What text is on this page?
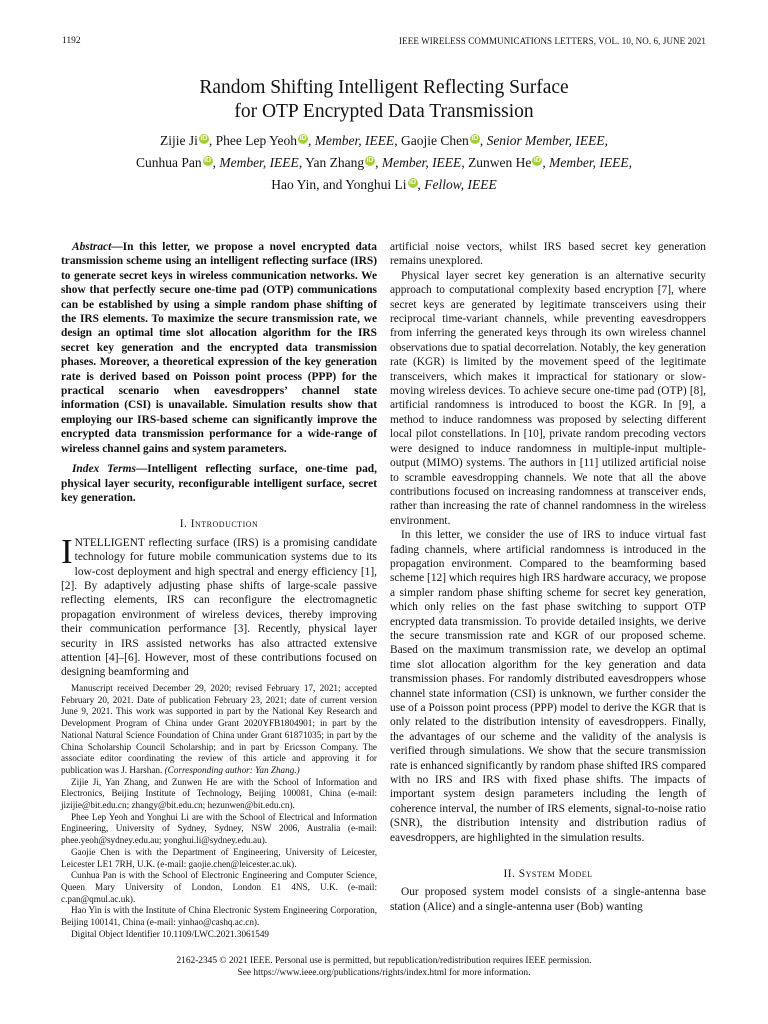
1192	IEEE WIRELESS COMMUNICATIONS LETTERS, VOL. 10, NO. 6, JUNE 2021
Random Shifting Intelligent Reflecting Surface
for OTP Encrypted Data Transmission
Zijie Ji iD , Phee Lep Yeoh iD , Member, IEEE, Gaojie Chen iD , Senior Member, IEEE,
Cunhua Pan iD , Member, IEEE, Yan Zhang iD , Member, IEEE, Zunwen He iD , Member, IEEE,
Hao Yin, and Yonghui Li iD , Fellow, IEEE

Abstract—In this letter, we propose a novel encrypted data transmission scheme using an intelligent reflecting surface (IRS) to generate secret keys in wireless communication networks. We show that perfectly secure one-time pad (OTP) communications can be established by using a simple random phase shifting of the IRS elements. To maximize the secure transmission rate, we design an optimal time slot allocation algorithm for the IRS secret key generation and the encrypted data transmission phases. Moreover, a theoretical expression of the key generation rate is derived based on Poisson point process (PPP) for the practical scenario when eavesdroppers’ channel state information (CSI) is unavailable. Simulation results show that employing our IRS-based scheme can significantly improve the encrypted data transmission performance for a wide-range of wireless channel gains and system parameters.

Index Terms—Intelligent reflecting surface, one-time pad, physical layer security, reconfigurable intelligent surface, secret key generation.

I. Introduction

INTELLIGENT reflecting surface (IRS) is a promising candidate technology for future mobile communication systems due to its low-cost deployment and high spectral and energy efficiency [1], [2]. By adaptively adjusting phase shifts of large-scale passive reflecting elements, IRS can reconfigure the electromagnetic propagation environment of wireless devices, thereby improving their communication performance [3]. Recently, physical layer security in IRS assisted networks has also attracted extensive attention [4]–[6]. However, most of these contributions focused on designing beamforming and

Manuscript received December 29, 2020; revised February 17, 2021; accepted February 20, 2021. Date of publication February 23, 2021; date of current version June 9, 2021. This work was supported in part by the National Key Research and Development Program of China under Grant 2020YFB1804901; in part by the National Natural Science Foundation of China under Grant 61871035; in part by the China Scholarship Council Scholarship; and in part by Ericsson Company. The associate editor coordinating the review of this article and approving it for publication was J. Harshan. (Corresponding author: Yan Zhang.)

Zijie Ji, Yan Zhang, and Zunwen He are with the School of Information and Electronics, Beijing Institute of Technology, Beijing 100081, China (e-mail: jizijie@bit.edu.cn; zhangy@bit.edu.cn; hezunwen@bit.edu.cn).

Phee Lep Yeoh and Yonghui Li are with the School of Electrical and Information Engineering, University of Sydney, Sydney, NSW 2006, Australia (e-mail: phee.yeoh@sydney.edu.au; yonghui.li@sydney.edu.au).

Gaojie Chen is with the Department of Engineering, University of Leicester, Leicester LE1 7RH, U.K. (e-mail: gaojie.chen@leicester.ac.uk).

Cunhua Pan is with the School of Electronic Engineering and Computer Science, Queen Mary University of London, London E1 4NS, U.K. (e-mail: c.pan@qmul.ac.uk).

Hao Yin is with the Institute of China Electronic System Engineering Corporation, Beijing 100141, China (e-mail: yinhao@cashq.ac.cn).

Digital Object Identifier 10.1109/LWC.2021.3061549

artificial noise vectors, whilst IRS based secret key generation remains unexplored.

Physical layer secret key generation is an alternative security approach to computational complexity based encryption [7], where secret keys are generated by legitimate transceivers using their reciprocal time-variant channels, while preventing eavesdroppers from inferring the generated keys through its own wireless channel observations due to spatial decorrelation. Notably, the key generation rate (KGR) is limited by the movement speed of the legitimate transceivers, which makes it impractical for stationary or slow-moving wireless devices. To achieve secure one-time pad (OTP) [8], artificial randomness is introduced to boost the KGR. In [9], a method to induce randomness was proposed by selecting different local pilot constellations. In [10], private random precoding vectors were designed to induce randomness in multiple-input multiple-output (MIMO) systems. The authors in [11] utilized artificial noise to scramble eavesdropping channels. We note that all the above contributions focused on increasing randomness at transceiver ends, rather than increasing the rate of channel randomness in the wireless environment.

In this letter, we consider the use of IRS to induce virtual fast fading channels, where artificial randomness is introduced in the propagation environment. Compared to the beamforming based scheme [12] which requires high IRS hardware accuracy, we propose a simpler random phase shifting scheme for secret key generation, which only relies on the fast phase switching to support OTP encrypted data transmission. To provide detailed insights, we derive the secure transmission rate and KGR of our proposed scheme. Based on the maximum transmission rate, we develop an optimal time slot allocation algorithm for the key generation and data transmission phases. For randomly distributed eavesdroppers whose channel state information (CSI) is unknown, we further consider the use of a Poisson point process (PPP) model to derive the KGR that is only related to the distribution intensity of eavesdroppers. Finally, the advantages of our scheme and the validity of the analysis is verified through simulations. We show that the secure transmission rate is enhanced significantly by random phase shifted IRS compared with no IRS and IRS with fixed phase shifts. The impacts of important system design parameters including the length of coherence interval, the number of IRS elements, signal-to-noise ratio (SNR), the distribution intensity and distribution radius of eavesdroppers, are highlighted in the simulation results.

II. System Model

Our proposed system model consists of a single-antenna base station (Alice) and a single-antenna user (Bob) wanting

2162-2345 © 2021 IEEE. Personal use is permitted, but republication/redistribution requires IEEE permission.
See https://www.ieee.org/publications/rights/index.html for more information.
